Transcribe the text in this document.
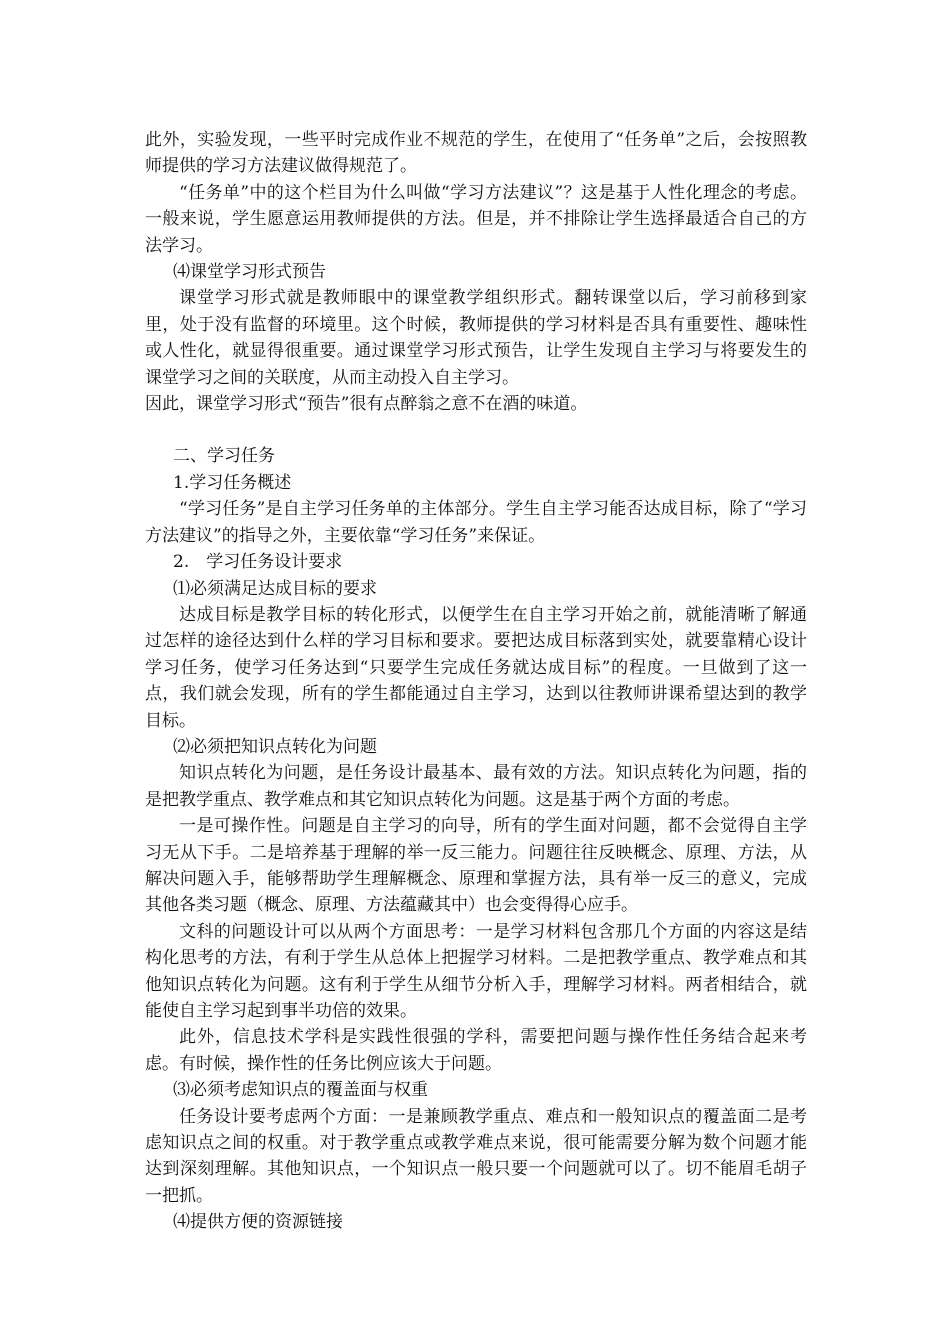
此外，实验发现，一些平时完成作业不规范的学生，在使用了“任务单”之后，会按照教师提供的学习方法建议做得规范了。

“任务单”中的这个栏目为什么叫做“学习方法建议”？这是基于人性化理念的考虑。一般来说，学生愿意运用教师提供的方法。但是，并不排除让学生选择最适合自己的方法学习。

⑷课堂学习形式预告

课堂学习形式就是教师眼中的课堂教学组织形式。翻转课堂以后，学习前移到家里，处于没有监督的环境里。这个时候，教师提供的学习材料是否具有重要性、趣味性或人性化，就显得很重要。通过课堂学习形式预告，让学生发现自主学习与将要发生的课堂学习之间的关联度，从而主动投入自主学习。

因此，课堂学习形式“预告”很有点醉翁之意不在酒的味道。

二、学习任务

1.学习任务概述

“学习任务”是自主学习任务单的主体部分。学生自主学习能否达成目标，除了“学习方法建议”的指导之外，主要依靠“学习任务”来保证。

2.　学习任务设计要求

⑴必须满足达成目标的要求

达成目标是教学目标的转化形式，以便学生在自主学习开始之前，就能清晰了解通过怎样的途径达到什么样的学习目标和要求。要把达成目标落到实处，就要靠精心设计学习任务，使学习任务达到“只要学生完成任务就达成目标”的程度。一旦做到了这一点，我们就会发现，所有的学生都能通过自主学习，达到以往教师讲课希望达到的教学目标。

⑵必须把知识点转化为问题

知识点转化为问题，是任务设计最基本、最有效的方法。知识点转化为问题，指的是把教学重点、教学难点和其它知识点转化为问题。这是基于两个方面的考虑。

一是可操作性。问题是自主学习的向导，所有的学生面对问题，都不会觉得自主学习无从下手。二是培养基于理解的举一反三能力。问题往往反映概念、原理、方法，从解决问题入手，能够帮助学生理解概念、原理和掌握方法，具有举一反三的意义，完成其他各类习题（概念、原理、方法蕴藏其中）也会变得得心应手。

文科的问题设计可以从两个方面思考：一是学习材料包含那几个方面的内容这是结构化思考的方法，有利于学生从总体上把握学习材料。二是把教学重点、教学难点和其他知识点转化为问题。这有利于学生从细节分析入手，理解学习材料。两者相结合，就能使自主学习起到事半功倍的效果。

此外，信息技术学科是实践性很强的学科，需要把问题与操作性任务结合起来考虑。有时候，操作性的任务比例应该大于问题。

⑶必须考虑知识点的覆盖面与权重

任务设计要考虑两个方面：一是兼顾教学重点、难点和一般知识点的覆盖面二是考虑知识点之间的权重。对于教学重点或教学难点来说，很可能需要分解为数个问题才能达到深刻理解。其他知识点，一个知识点一般只要一个问题就可以了。切不能眉毛胡子一把抓。

⑷提供方便的资源链接
